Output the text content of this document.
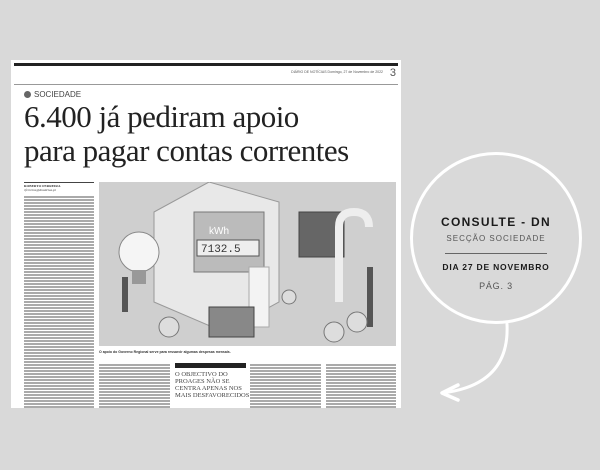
DIÁRIO DE NOTÍCIAS Domingo, 27 de Novembro de 2022 3
SOCIEDADE
6.400 já pediram apoio
para pagar contas correntes
ROBERTO FERREIRA
rferreira@dnoticias.pt
kWh
7132.5
O apoio do Governo Regional serve para ressarcir algumas despesas mensais.
O OBJECTIVO DO PROAGES NÃO SE CENTRA APENAS NOS MAIS DESFAVORECIDOS
CONSULTE - DN
SECÇÃO SOCIEDADE
DIA 27 DE NOVEMBRO
PÁG. 3
